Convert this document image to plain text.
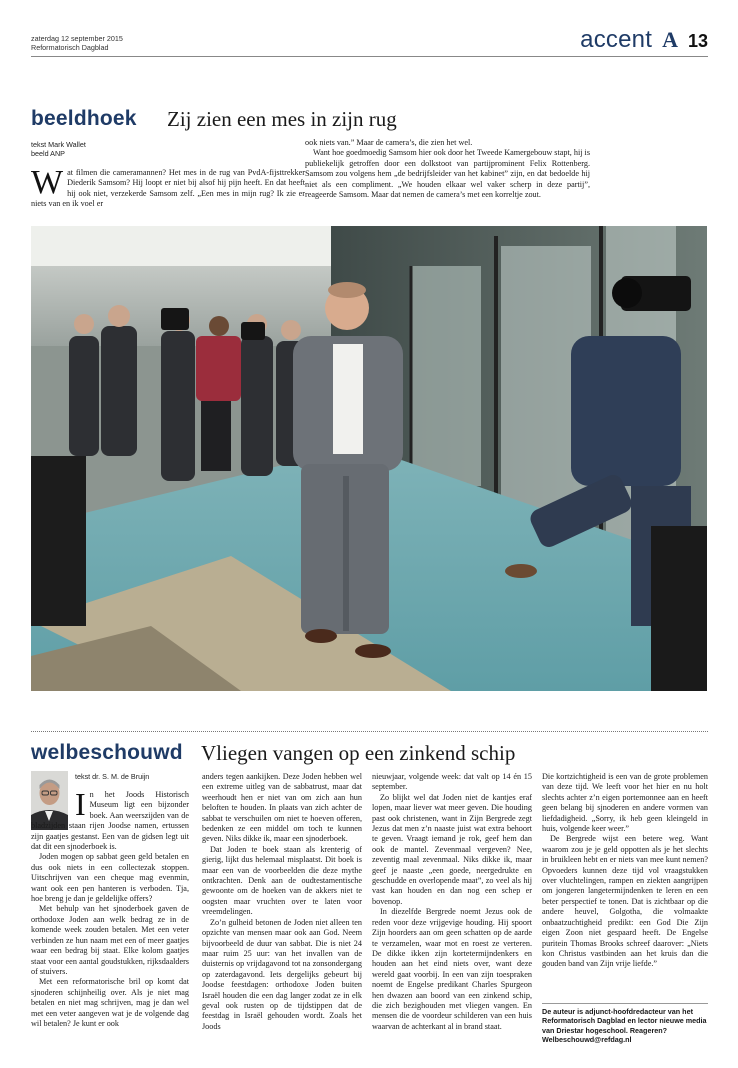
zaterdag 12 september 2015
Reformatorisch Dagblad	accent A 13
beeldhoek Zij zien een mes in zijn rug
tekst Mark Wallet
beeld ANP

Wat filmen die cameramannen? Het mes in de rug van PvdA-fijsttrekker Diederik Samsom? Hij loopt er niet bij alsof hij pijn heeft. En dat heeft hij ook niet, verzekerde Samsom zelf. „Een mes in mijn rug? Ik zie er niets van en ik voel er

ook niets van.” Maar de camera’s, die zien het wel.

Want hoe goedmoedig Samsom hier ook door het Tweede Kamergebouw stapt, hij is publiekelijk getroffen door een dolkstoot van partijprominent Felix Rottenberg. Samsom zou volgens hem „de bedrijfsleider van het kabinet” zijn, en dat bedoelde hij niet als een compliment. „We houden elkaar wel vaker scherp in deze partij”, reageerde Samsom. Maar dat nemen de camera’s met een korreltje zout.

welbeschouwd Vliegen vangen op een zinkend schip
tekst dr. S. M. de Bruijn

In het Joods Historisch Museum ligt een bijzonder boek. Aan weerszijden van de bladzijden staan rijen Joodse namen, ertussen zijn gaatjes gestanst. Een van de gidsen legt uit dat dit een sjnoderboek is.

Joden mogen op sabbat geen geld betalen en dus ook niets in een collectezak stoppen. Uitschrijven van een cheque mag evenmin, want ook een pen hanteren is verboden. Tja, hoe breng je dan je geldelijke offers?

Met behulp van het sjnoderboek gaven de orthodoxe Joden aan welk bedrag ze in de komende week zouden betalen. Met een veter verbinden ze hun naam met een of meer gaatjes waar een bedrag bij staat. Elke kolom gaatjes staat voor een aantal goudstukken, rijksdaalders of stuivers.

Met een reformatorische bril op komt dat sjnoderen schijnheilig over. Als je niet mag betalen en niet mag schrijven, mag je dan wel met een veter aangeven wat je de volgende dag wil betalen? Je kunt er ook

anders tegen aankijken. Deze Joden hebben wel een extreme uitleg van de sabbatrust, maar dat weerhoudt hen er niet van om zich aan hun beloften te houden. In plaats van zich achter de sabbat te verschuilen om niet te hoeven offeren, bedenken ze een middel om toch te kunnen geven. Niks dikke ik, maar een sjnoderboek.

Dat Joden te boek staan als krenterig of gierig, lijkt dus helemaal misplaatst. Dit boek is maar een van de voorbeelden die deze mythe ontkrachten. Denk aan de oudtestamentische gewoonte om de hoeken van de akkers niet te oogsten maar vruchten over te laten voor vreemdelingen.

Zo’n gulheid betonen de Joden niet alleen ten opzichte van mensen maar ook aan God. Neem bijvoorbeeld de duur van sabbat. Die is niet 24 maar ruim 25 uur: van het invallen van de duisternis op vrijdagavond tot na zonsondergang op zaterdagavond. Iets dergelijks gebeurt bij Joodse feestdagen: orthodoxe Joden buiten Israël houden die een dag langer zodat ze in elk geval ook rusten op de tijdstippen dat de feestdag in Israël gehouden wordt. Zoals het Joods

nieuwjaar, volgende week: dat valt op 14 én 15 september.

Zo blijkt wel dat Joden niet de kantjes eraf lopen, maar liever wat meer geven. Die houding past ook christenen, want in Zijn Bergrede zegt Jezus dat men z’n naaste juist wat extra behoort te geven. Vraagt iemand je rok, geef hem dan ook de mantel. Zevenmaal vergeven? Nee, zeventig maal zevenmaal. Niks dikke ik, maar geef je naaste „een goede, neergedrukte en geschudde en overlopende maat”, zo veel als hij vast kan houden en dan nog een schep er bovenop.

In diezelfde Bergrede noemt Jezus ook de reden voor deze vrijgevige houding. Hij spoort Zijn hoorders aan om geen schatten op de aarde te verzamelen, waar mot en roest ze verteren. De dikke ikken zijn kortetermijndenkers en houden aan het eind niets over, want deze wereld gaat voorbij. In een van zijn toespraken noemt de Engelse predikant Charles Spurgeon hen dwazen aan boord van een zinkend schip, die zich bezighouden met vliegen vangen. En mensen die de voordeur schilderen van een huis waarvan de achterkant al in brand staat.

Die kortzichtigheid is een van de grote problemen van deze tijd. We leeft voor het hier en nu holt slechts achter z’n eigen portemonnee aan en heeft geen belang bij sjnoderen en andere vormen van liefdadigheid. „Sorry, ik heb geen kleingeld in huis, volgende keer weer.”

De Bergrede wijst een betere weg. Want waarom zou je je geld oppotten als je het slechts in bruikleen hebt en er niets van mee kunt nemen? Opvoeders kunnen deze tijd vol vraagstukken over vluchtelingen, rampen en ziekten aangrijpen om jongeren langetermijndenken te leren en een beter perspectief te tonen. Dat is zichtbaar op die andere heuvel, Golgotha, die volmaakte onbaatzuchtigheid predikt: een God Die Zijn eigen Zoon niet gespaard heeft. De Engelse puritein Thomas Brooks schreef daarover: „Niets kon Christus vastbinden aan het kruis dan die gouden band van Zijn vrije liefde.”

De auteur is adjunct-hoofdredacteur van het Reformatorisch Dagblad en lector nieuwe media van Driestar hogeschool. Reageren? Welbeschouwd@refdag.nl
